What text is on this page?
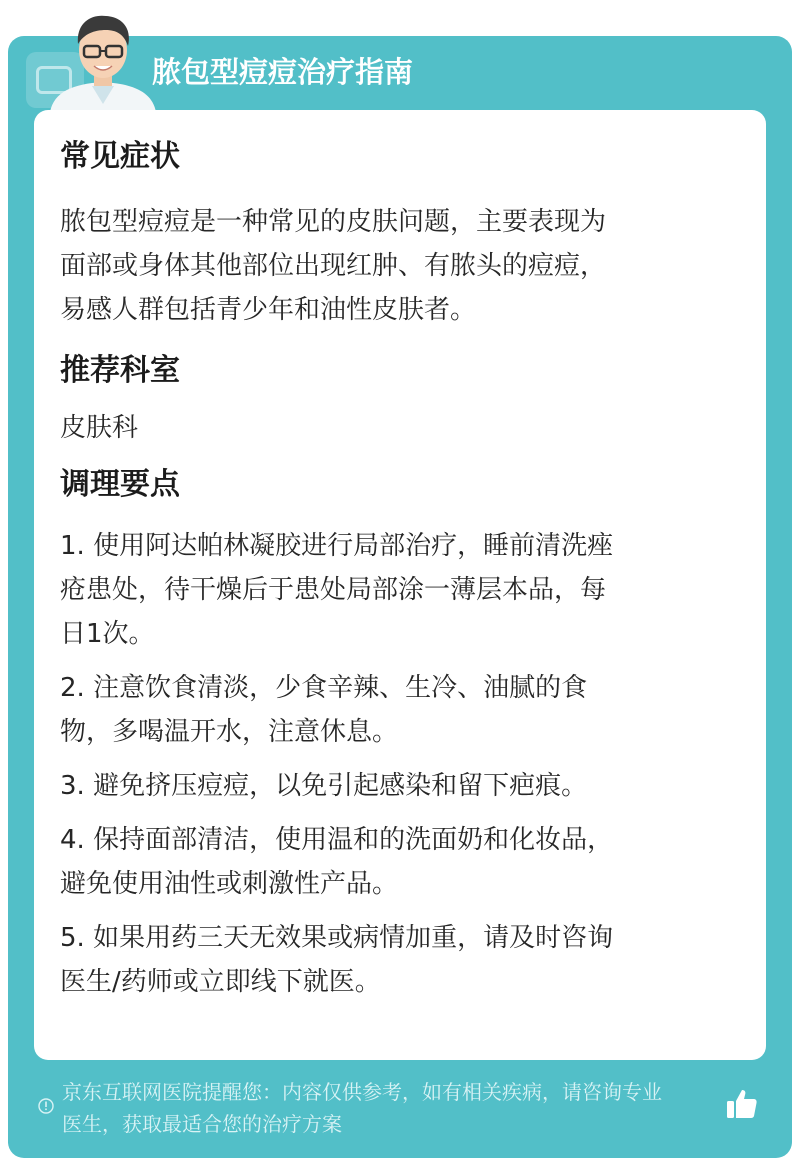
脓包型痘痘治疗指南
常见症状
脓包型痘痘是一种常见的皮肤问题，主要表现为
面部或身体其他部位出现红肿、有脓头的痘痘，
易感人群包括青少年和油性皮肤者。
推荐科室
皮肤科
调理要点
1. 使用阿达帕林凝胶进行局部治疗，睡前清洗痤
疮患处，待干燥后于患处局部涂一薄层本品，每
日1次。
2. 注意饮食清淡，少食辛辣、生冷、油腻的食
物，多喝温开水，注意休息。
3. 避免挤压痘痘，以免引起感染和留下疤痕。
4. 保持面部清洁，使用温和的洗面奶和化妆品，
避免使用油性或刺激性产品。
5. 如果用药三天无效果或病情加重，请及时咨询
医生/药师或立即线下就医。
京东互联网医院提醒您：内容仅供参考，如有相关疾病，请咨询专业
医生，获取最适合您的治疗方案
